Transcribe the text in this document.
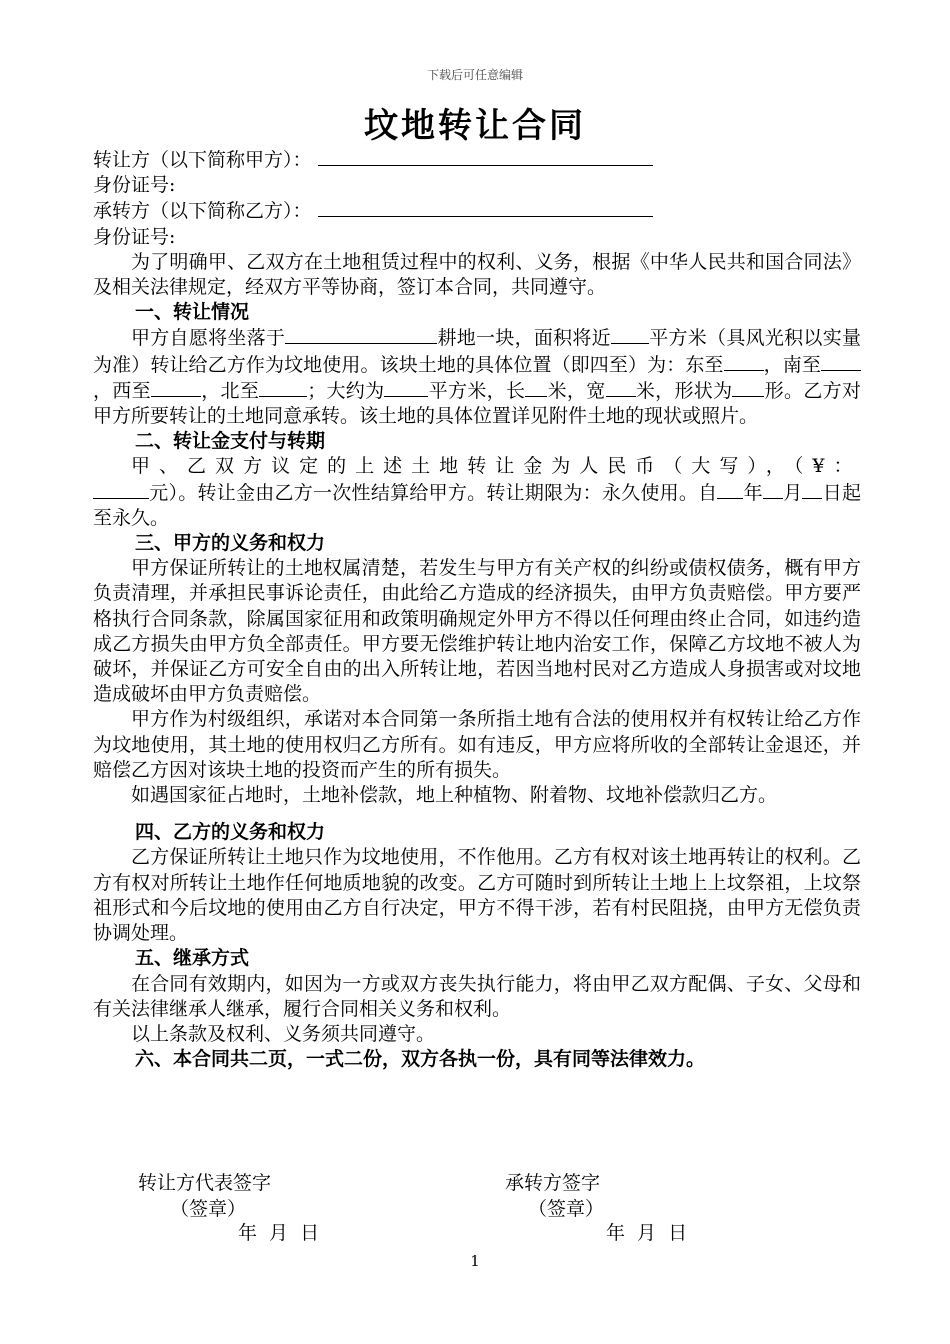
下载后可任意编辑
坟地转让合同

转让方（以下简称甲方）：

身份证号:

承转方（以下简称乙方）：

身份证号:

为了明确甲、乙双方在土地租赁过程中的权利、义务，根据《中华人民共和国合同法》及相关法律规定，经双方平等协商，签订本合同，共同遵守。

一、转让情况

甲方自愿将坐落于	耕地一块，面积将近 平方米（具风光积以实量为准）转让给乙方作为坟地使用。该块土地的具体位置（即四至）为：东至 ，南至，西至	，北至	；大约为 平方米，长 米，宽 米，形状为 形。乙方对甲方所要转让的土地同意承转。该土地的具体位置详见附件土地的现状或照片。

二、转让金支付与转期

甲、乙双方议定的上述土地转让金为人民币（大写），（¥：元）。转让金由乙方一次性结算给甲方。转让期限为：永久使用。自 年 月 日起至永久。

三、甲方的义务和权力

甲方保证所转让的土地权属清楚，若发生与甲方有关产权的纠纷或债权债务，概有甲方负责清理，并承担民事诉论责任，由此给乙方造成的经济损失，由甲方负责赔偿。甲方要严格执行合同条款，除属国家征用和政策明确规定外甲方不得以任何理由终止合同，如违约造成乙方损失由甲方负全部责任。甲方要无偿维护转让地内治安工作，保障乙方坟地不被人为破坏，并保证乙方可安全自由的出入所转让地，若因当地村民对乙方造成人身损害或对坟地造成破坏由甲方负责赔偿。

甲方作为村级组织，承诺对本合同第一条所指土地有合法的使用权并有权转让给乙方作为坟地使用，其土地的使用权归乙方所有。如有违反，甲方应将所收的全部转让金退还，并赔偿乙方因对该块土地的投资而产生的所有损失。

如遇国家征占地时，土地补偿款，地上种植物、附着物、坟地补偿款归乙方。

四、乙方的义务和权力

乙方保证所转让土地只作为坟地使用，不作他用。乙方有权对该土地再转让的权利。乙方有权对所转让土地作任何地质地貌的改变。乙方可随时到所转让土地上上坟祭祖，上坟祭祖形式和今后坟地的使用由乙方自行决定，甲方不得干涉，若有村民阻挠，由甲方无偿负责协调处理。

五、继承方式

在合同有效期内，如因为一方或双方丧失执行能力，将由甲乙双方配偶、子女、父母和有关法律继承人继承，履行合同相关义务和权利。

以上条款及权利、义务须共同遵守。

六、本合同共二页，一式二份，双方各执一份，具有同等法律效力。

转让方代表签字
（签章）
年 月 日
承转方签字
（签章）
年 月 日
1
